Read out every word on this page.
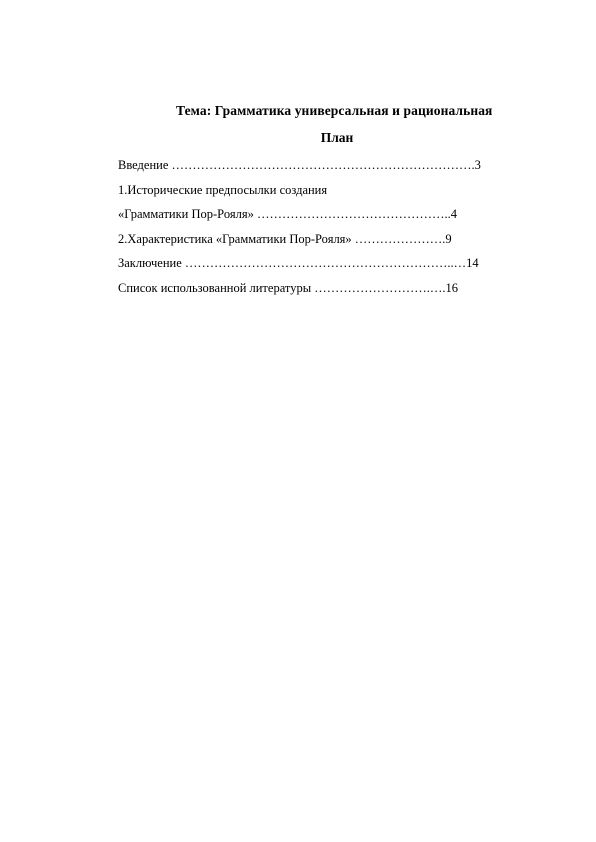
Тема: Грамматика универсальная и рациональная
План
Введение ……………………………………………………………….3
1.Исторические предпосылки создания
«Грамматики Пор-Рояля» ………………………………………..4
2.Характеристика «Грамматики Пор-Рояля» ………………….9
Заключение ………………………………………………………..…14
Список использованной литературы ……………………….….16
